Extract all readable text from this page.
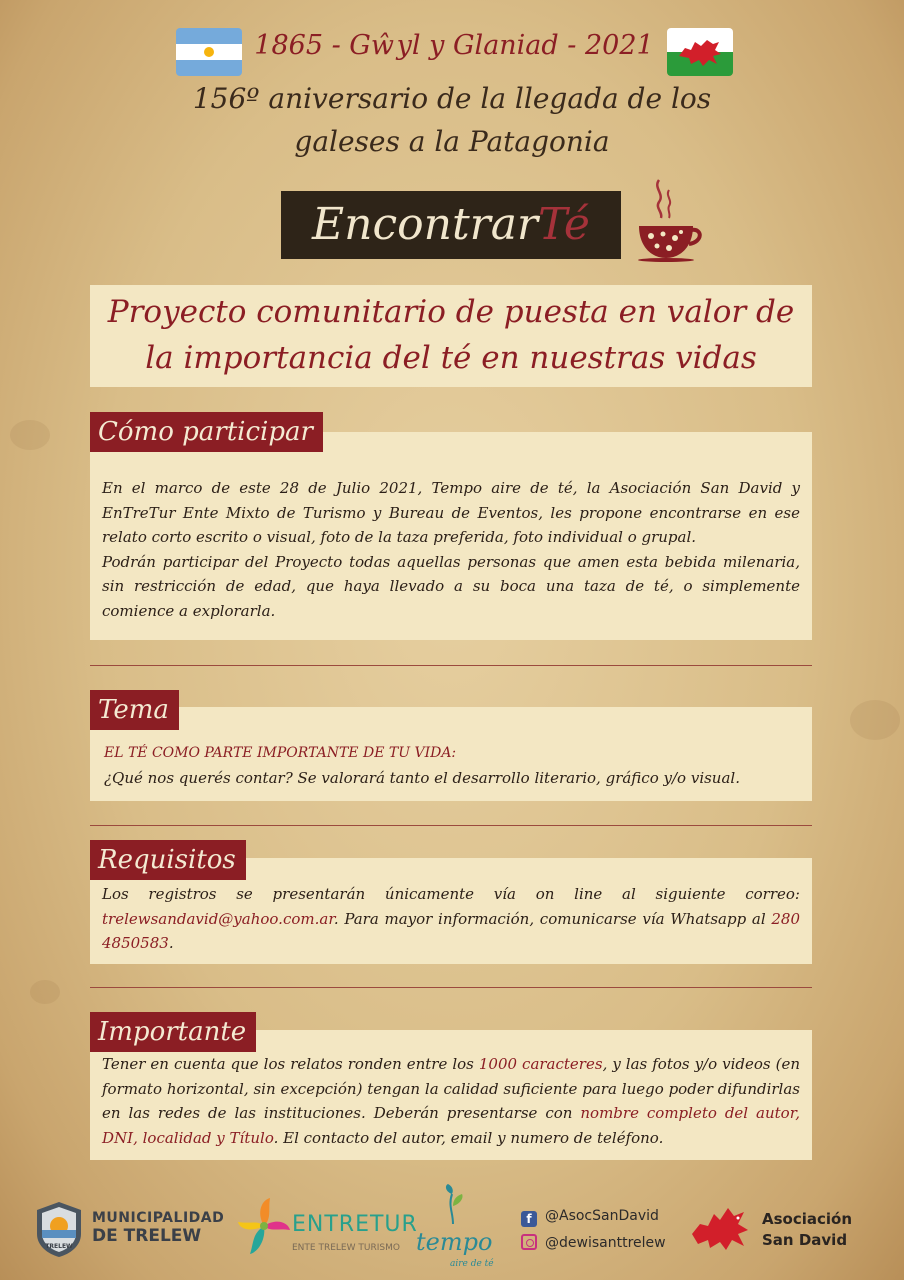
1865 - Gŵyl y Glaniad - 2021
156º aniversario de la llegada de los
galeses a la Patagonia
EncontrarTé
Proyecto comunitario de puesta en valor de
la importancia del té en nuestras vidas

En el marco de este 28 de Julio 2021, Tempo aire de té, la Asociación San David y EnTreTur Ente Mixto de Turismo y Bureau de Eventos, les propone encontrarse en ese relato corto escrito o visual, foto de la taza preferida, foto individual o grupal.

Podrán participar del Proyecto todas aquellas personas que amen esta bebida milenaria, sin restricción de edad, que haya llevado a su boca una taza de té, o simplemente comience a explorarla.

Cómo participar

EL TÉ COMO PARTE IMPORTANTE DE TU VIDA:

¿Qué nos querés contar? Se valorará tanto el desarrollo literario, gráfico y/o visual.

Tema

Los registros se presentarán únicamente vía on line al siguiente correo: trelewsandavid@yahoo.com.ar. Para mayor información, comunicarse vía Whatsapp al 280 4850583.

Requisitos

Tener en cuenta que los relatos ronden entre los 1000 caracteres, y las fotos y/o videos (en formato horizontal, sin excepción) tengan la calidad suficiente para luego poder difundirlas en las redes de las instituciones. Deberán presentarse con nombre completo del autor, DNI, localidad y Título. El contacto del autor, email y numero de teléfono.

Importante
TRELEW
MUNICIPALIDAD
DE TRELEW	ENTRETUR
ENTE TRELEW TURISMO tempo
aire de té
f @AsocSanDavid
@dewisanttrelew
Asociación
San David
